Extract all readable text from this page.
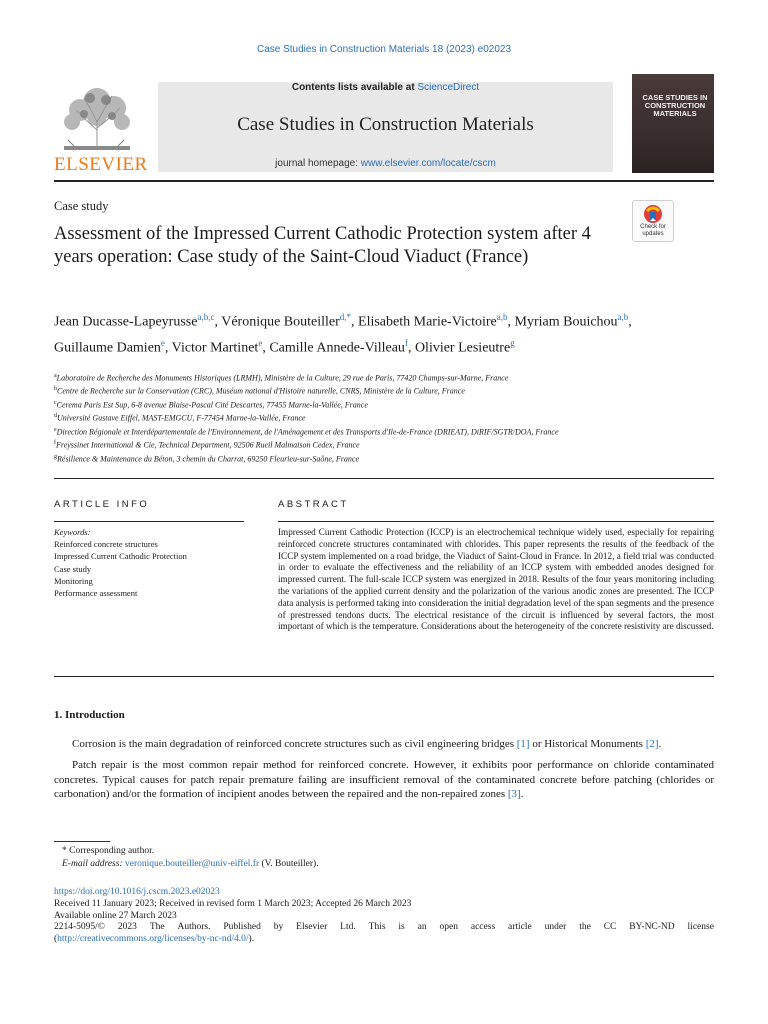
Case Studies in Construction Materials 18 (2023) e02023
ELSEVIER
Contents lists available at ScienceDirect
Case Studies in Construction Materials
journal homepage: www.elsevier.com/locate/cscm
CASE STUDIES IN CONSTRUCTION MATERIALS
Case study
Check for updates
Assessment of the Impressed Current Cathodic Protection system after 4 years operation: Case study of the Saint-Cloud Viaduct (France)
Jean Ducasse-Lapeyrusse$^{a,b,c}$, Véronique Bouteiller$^{d,*}$, Elisabeth Marie-Victoire$^{a,b}$, Myriam Bouichou$^{a,b}$, Guillaume Damien$^e$, Victor Martinet$^e$, Camille Annede-Villeau$^f$, Olivier Lesieutre$^g$
$^a$Laboratoire de Recherche des Monuments Historiques (LRMH), Ministère de la Culture, 29 rue de Paris, 77420 Champs-sur-Marne, France
$^b$Centre de Recherche sur la Conservation (CRC), Muséum national d'Histoire naturelle, CNRS, Ministère de la Culture, France
$^c$Cerema Paris Est Sup, 6-8 avenue Blaise-Pascal Cité Descartes, 77455 Marne-la-Vallée, France
$^d$Université Gustave Eiffel, MAST-EMGCU, F-77454 Marne-la-Vallée, France
$^e$Direction Régionale et Interdépartementale de l'Environnement, de l'Aménagement et des Transports d'Ile-de-France (DRIEAT), DiRIF/SGTR/DOA, France
$^f$Freyssinet International & Cie, Technical Department, 92506 Rueil Malmaison Cedex, France
$^g$Résilience & Maintenance du Béton, 3 chemin du Charrat, 69250 Fleurieu-sur-Saône, France
ARTICLE INFO	ABSTRACT
Keywords:
Reinforced concrete structures
Impressed Current Cathodic Protection
Case study
Monitoring
Performance assessment
Impressed Current Cathodic Protection (ICCP) is an electrochemical technique widely used, especially for repairing reinforced concrete structures contaminated with chlorides. This paper represents the results of the feedback of the ICCP system implemented on a road bridge, the Viaduct of Saint-Cloud in France. In 2012, a field trial was conducted in order to evaluate the effectiveness and the reliability of an ICCP system with embedded anodes designed for impressed current. The full-scale ICCP system was energized in 2018. Results of the four years monitoring including the variations of the applied current density and the polarization of the various anodic zones are presented. The ICCP data analysis is performed taking into consideration the initial degradation level of the span segments and the presence of prestressed tendons ducts. The electrical resistance of the circuit is influenced by several factors, the most important of which is the temperature. Considerations about the heterogeneity of the concrete resistivity are discussed.
1. Introduction

Corrosion is the main degradation of reinforced concrete structures such as civil engineering bridges [1] or Historical Monuments [2].

Patch repair is the most common repair method for reinforced concrete. However, it exhibits poor performance on chloride contaminated concretes. Typical causes for patch repair premature failing are insufficient removal of the contaminated concrete before patching (chlorides or carbonation) and/or the formation of incipient anodes between the repaired and the non-repaired zones [3].

* Corresponding author.
E-mail address: veronique.bouteiller@univ-eiffel.fr (V. Bouteiller).
https://doi.org/10.1016/j.cscm.2023.e02023
Received 11 January 2023; Received in revised form 1 March 2023; Accepted 26 March 2023
Available online 27 March 2023
2214-5095/© 2023 The Authors. Published by Elsevier Ltd. This is an open access article under the CC BY-NC-ND license
(http://creativecommons.org/licenses/by-nc-nd/4.0/).
